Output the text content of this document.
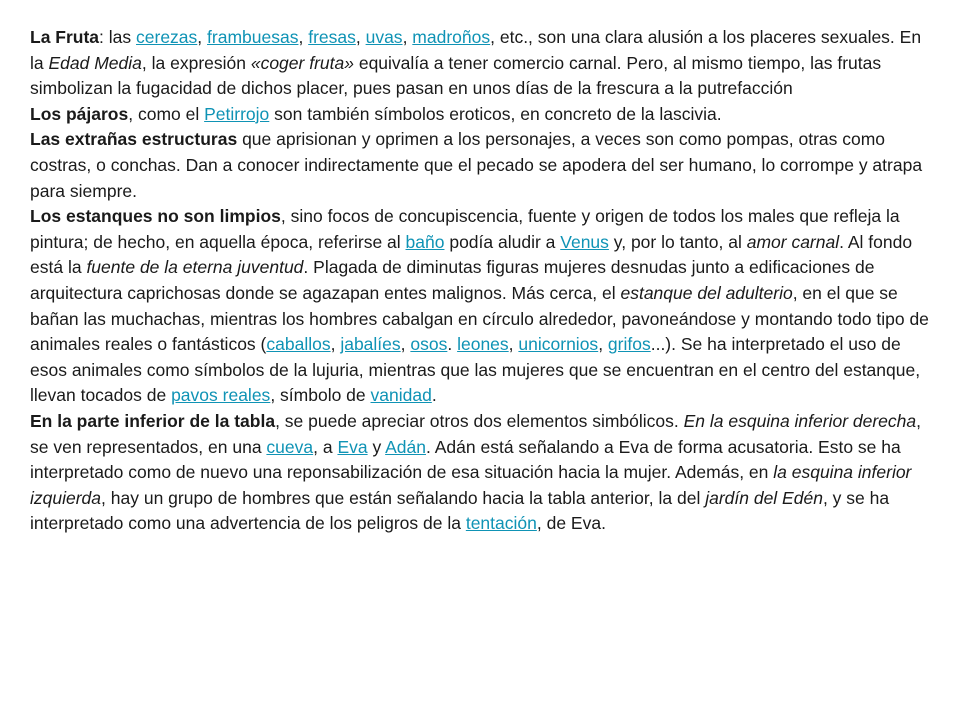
La Fruta: las cerezas, frambuesas, fresas, uvas, madroños, etc., son una clara alusión a los placeres sexuales. En la Edad Media, la expresión «coger fruta» equivalía a tener comercio carnal. Pero, al mismo tiempo, las frutas simbolizan la fugacidad de dichos placer, pues pasan en unos días de la frescura a la putrefacción

Los pájaros, como el Petirrojo son también símbolos eroticos, en concreto de la lascivia.

Las extrañas estructuras que aprisionan y oprimen a los personajes, a veces son como pompas, otras como costras, o conchas. Dan a conocer indirectamente que el pecado se apodera del ser humano, lo corrompe y atrapa para siempre.

Los estanques no son limpios, sino focos de concupiscencia, fuente y origen de todos los males que refleja la pintura; de hecho, en aquella época, referirse al baño podía aludir a Venus y, por lo tanto, al amor carnal. Al fondo está la fuente de la eterna juventud. Plagada de diminutas figuras mujeres desnudas junto a edificaciones de arquitectura caprichosas donde se agazapan entes malignos. Más cerca, el estanque del adulterio, en el que se bañan las muchachas, mientras los hombres cabalgan en círculo alrededor, pavoneándose y montando todo tipo de animales reales o fantásticos (caballos, jabalíes, osos. leones, unicornios, grifos...). Se ha interpretado el uso de esos animales como símbolos de la lujuria, mientras que las mujeres que se encuentran en el centro del estanque, llevan tocados de pavos reales, símbolo de vanidad.

En la parte inferior de la tabla, se puede apreciar otros dos elementos simbólicos. En la esquina inferior derecha, se ven representados, en una cueva, a Eva y Adán. Adán está señalando a Eva de forma acusatoria. Esto se ha interpretado como de nuevo una reponsabilización de esa situación hacia la mujer. Además, en la esquina inferior izquierda, hay un grupo de hombres que están señalando hacia la tabla anterior, la del jardín del Edén, y se ha interpretado como una advertencia de los peligros de la tentación, de Eva.
